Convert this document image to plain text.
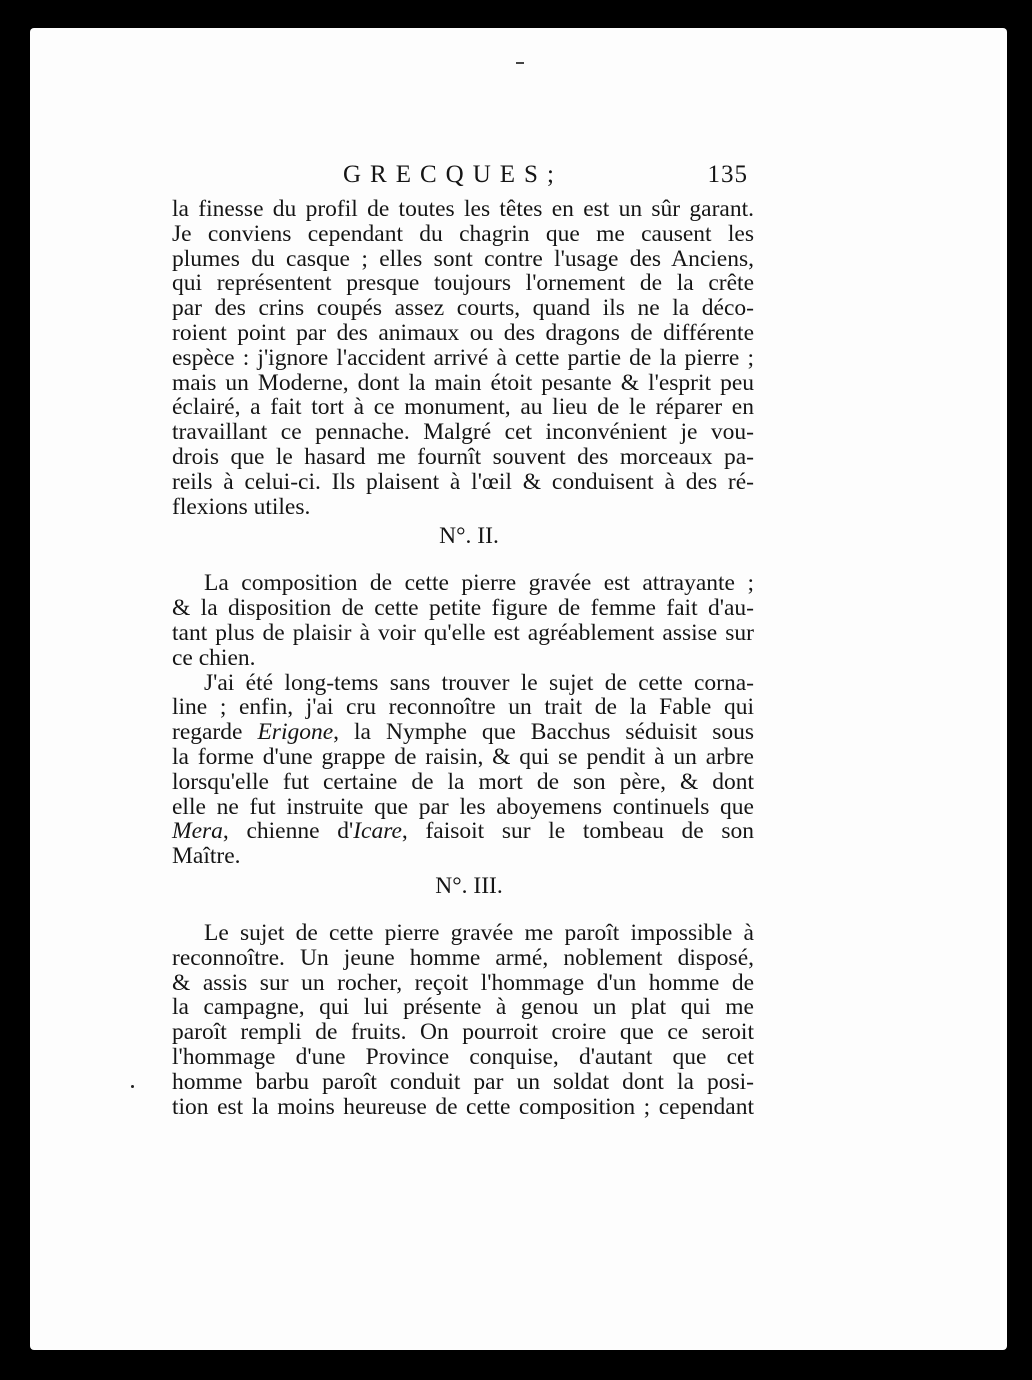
GRECQUES;	135
la finesse du profil de toutes les têtes en est un sûr garant.
Je conviens cependant du chagrin que me causent les
plumes du casque ; elles sont contre l'usage des Anciens,
qui représentent presque toujours l'ornement de la crête
par des crins coupés assez courts, quand ils ne la déco-
roient point par des animaux ou des dragons de différente
espèce : j'ignore l'accident arrivé à cette partie de la pierre ;
mais un Moderne, dont la main étoit pesante & l'esprit peu
éclairé, a fait tort à ce monument, au lieu de le réparer en
travaillant ce pennache. Malgré cet inconvénient je vou-
drois que le hasard me fournît souvent des morceaux pa-
reils à celui-ci. Ils plaisent à l'œil & conduisent à des ré-
flexions utiles.
N°. II.
La composition de cette pierre gravée est attrayante ;
& la disposition de cette petite figure de femme fait d'au-
tant plus de plaisir à voir qu'elle est agréablement assise sur
ce chien.
J'ai été long-tems sans trouver le sujet de cette corna-
line ; enfin, j'ai cru reconnoître un trait de la Fable qui
regarde Erigone, la Nymphe que Bacchus séduisit sous
la forme d'une grappe de raisin, & qui se pendit à un arbre
lorsqu'elle fut certaine de la mort de son père, & dont
elle ne fut instruite que par les aboyemens continuels que
Mera, chienne d'Icare, faisoit sur le tombeau de son
Maître.
N°. III.
Le sujet de cette pierre gravée me paroît impossible à
reconnoître. Un jeune homme armé, noblement disposé,
& assis sur un rocher, reçoit l'hommage d'un homme de
la campagne, qui lui présente à genou un plat qui me
paroît rempli de fruits. On pourroit croire que ce seroit
l'hommage d'une Province conquise, d'autant que cet
homme barbu paroît conduit par un soldat dont la posi-
tion est la moins heureuse de cette composition ; cependant
